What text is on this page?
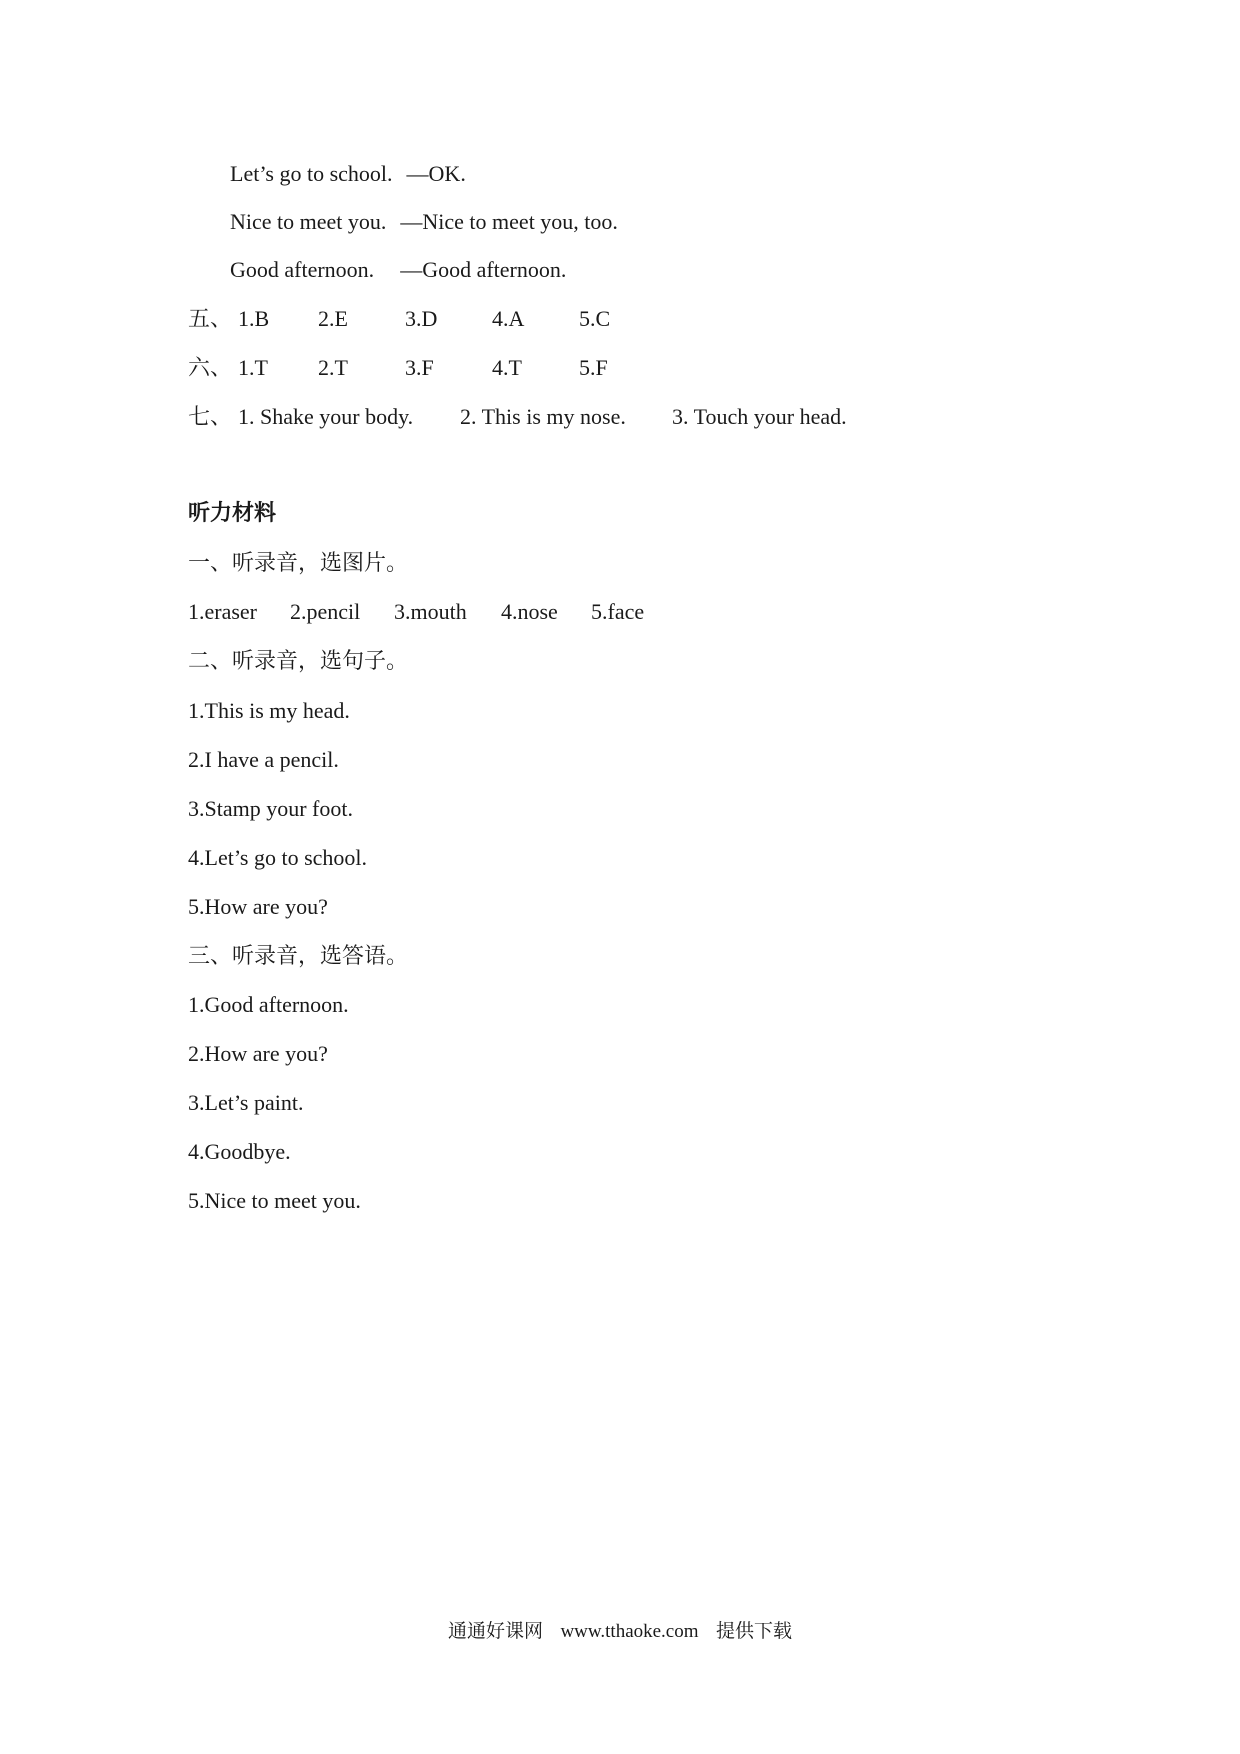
Let’s go to school. —OK.
Nice to meet you. —Nice to meet you, too.
Good afternoon. —Good afternoon.
五、 1.B 2.E	3.D 4.A 5.C
六、 1.T 2.T	3.F	4.T	5.F
七、 1. Shake your body. 2. This is my nose. 3. Touch your head.
听力材料
一、听录音，选图片。
1.eraser 2.pencil 3.mouth 4.nose 5.face
二、听录音，选句子。
1.This is my head.
2.I have a pencil.
3.Stamp your foot.
4.Let’s go to school.
5.How are you?
三、听录音，选答语。
1.Good afternoon.
2.How are you?
3.Let’s paint.
4.Goodbye.
5.Nice to meet you.
通通好课网 www.tthaoke.com 提供下载
